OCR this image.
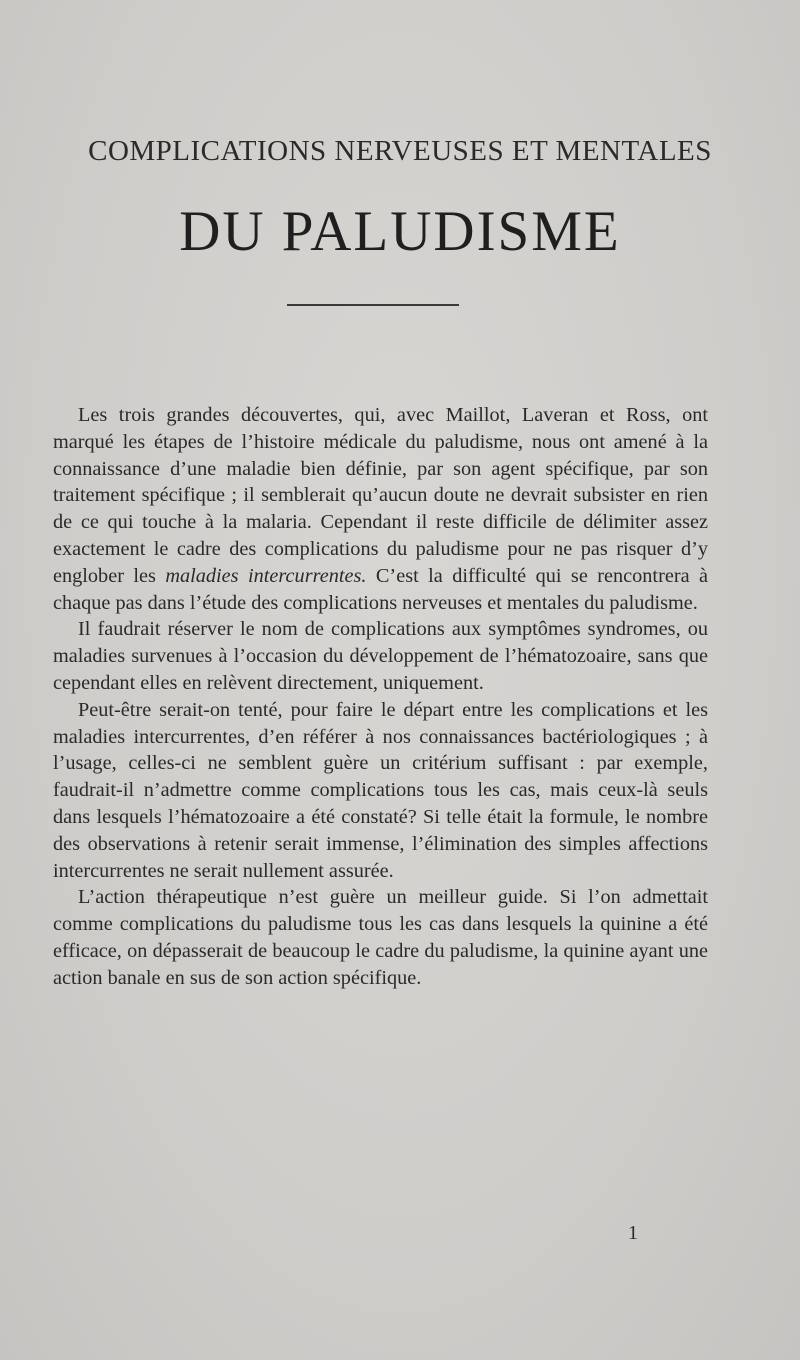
COMPLICATIONS NERVEUSES ET MENTALES
DU PALUDISME

Les trois grandes découvertes, qui, avec Maillot, Laveran et Ross, ont marqué les étapes de l’histoire médicale du paludisme, nous ont amené à la connaissance d’une maladie bien définie, par son agent spécifique, par son traitement spécifique ; il semblerait qu’aucun doute ne devrait subsister en rien de ce qui touche à la malaria. Cependant il reste difficile de délimiter assez exactement le cadre des complications du paludisme pour ne pas risquer d’y englober les maladies intercurrentes. C’est la difficulté qui se rencontrera à chaque pas dans l’étude des complications nerveuses et mentales du paludisme.

Il faudrait réserver le nom de complications aux symptômes syndromes, ou maladies survenues à l’occasion du développement de l’hématozoaire, sans que cependant elles en relèvent directement, uniquement.

Peut-être serait-on tenté, pour faire le départ entre les complications et les maladies intercurrentes, d’en référer à nos connaissances bactériologiques ; à l’usage, celles-ci ne semblent guère un critérium suffisant : par exemple, faudrait-il n’admettre comme complications tous les cas, mais ceux-là seuls dans lesquels l’hématozoaire a été constaté? Si telle était la formule, le nombre des observations à retenir serait immense, l’élimination des simples affections intercurrentes ne serait nullement assurée.

L’action thérapeutique n’est guère un meilleur guide. Si l’on admettait comme complications du paludisme tous les cas dans lesquels la quinine a été efficace, on dépasserait de beaucoup le cadre du paludisme, la quinine ayant une action banale en sus de son action spécifique.

1
